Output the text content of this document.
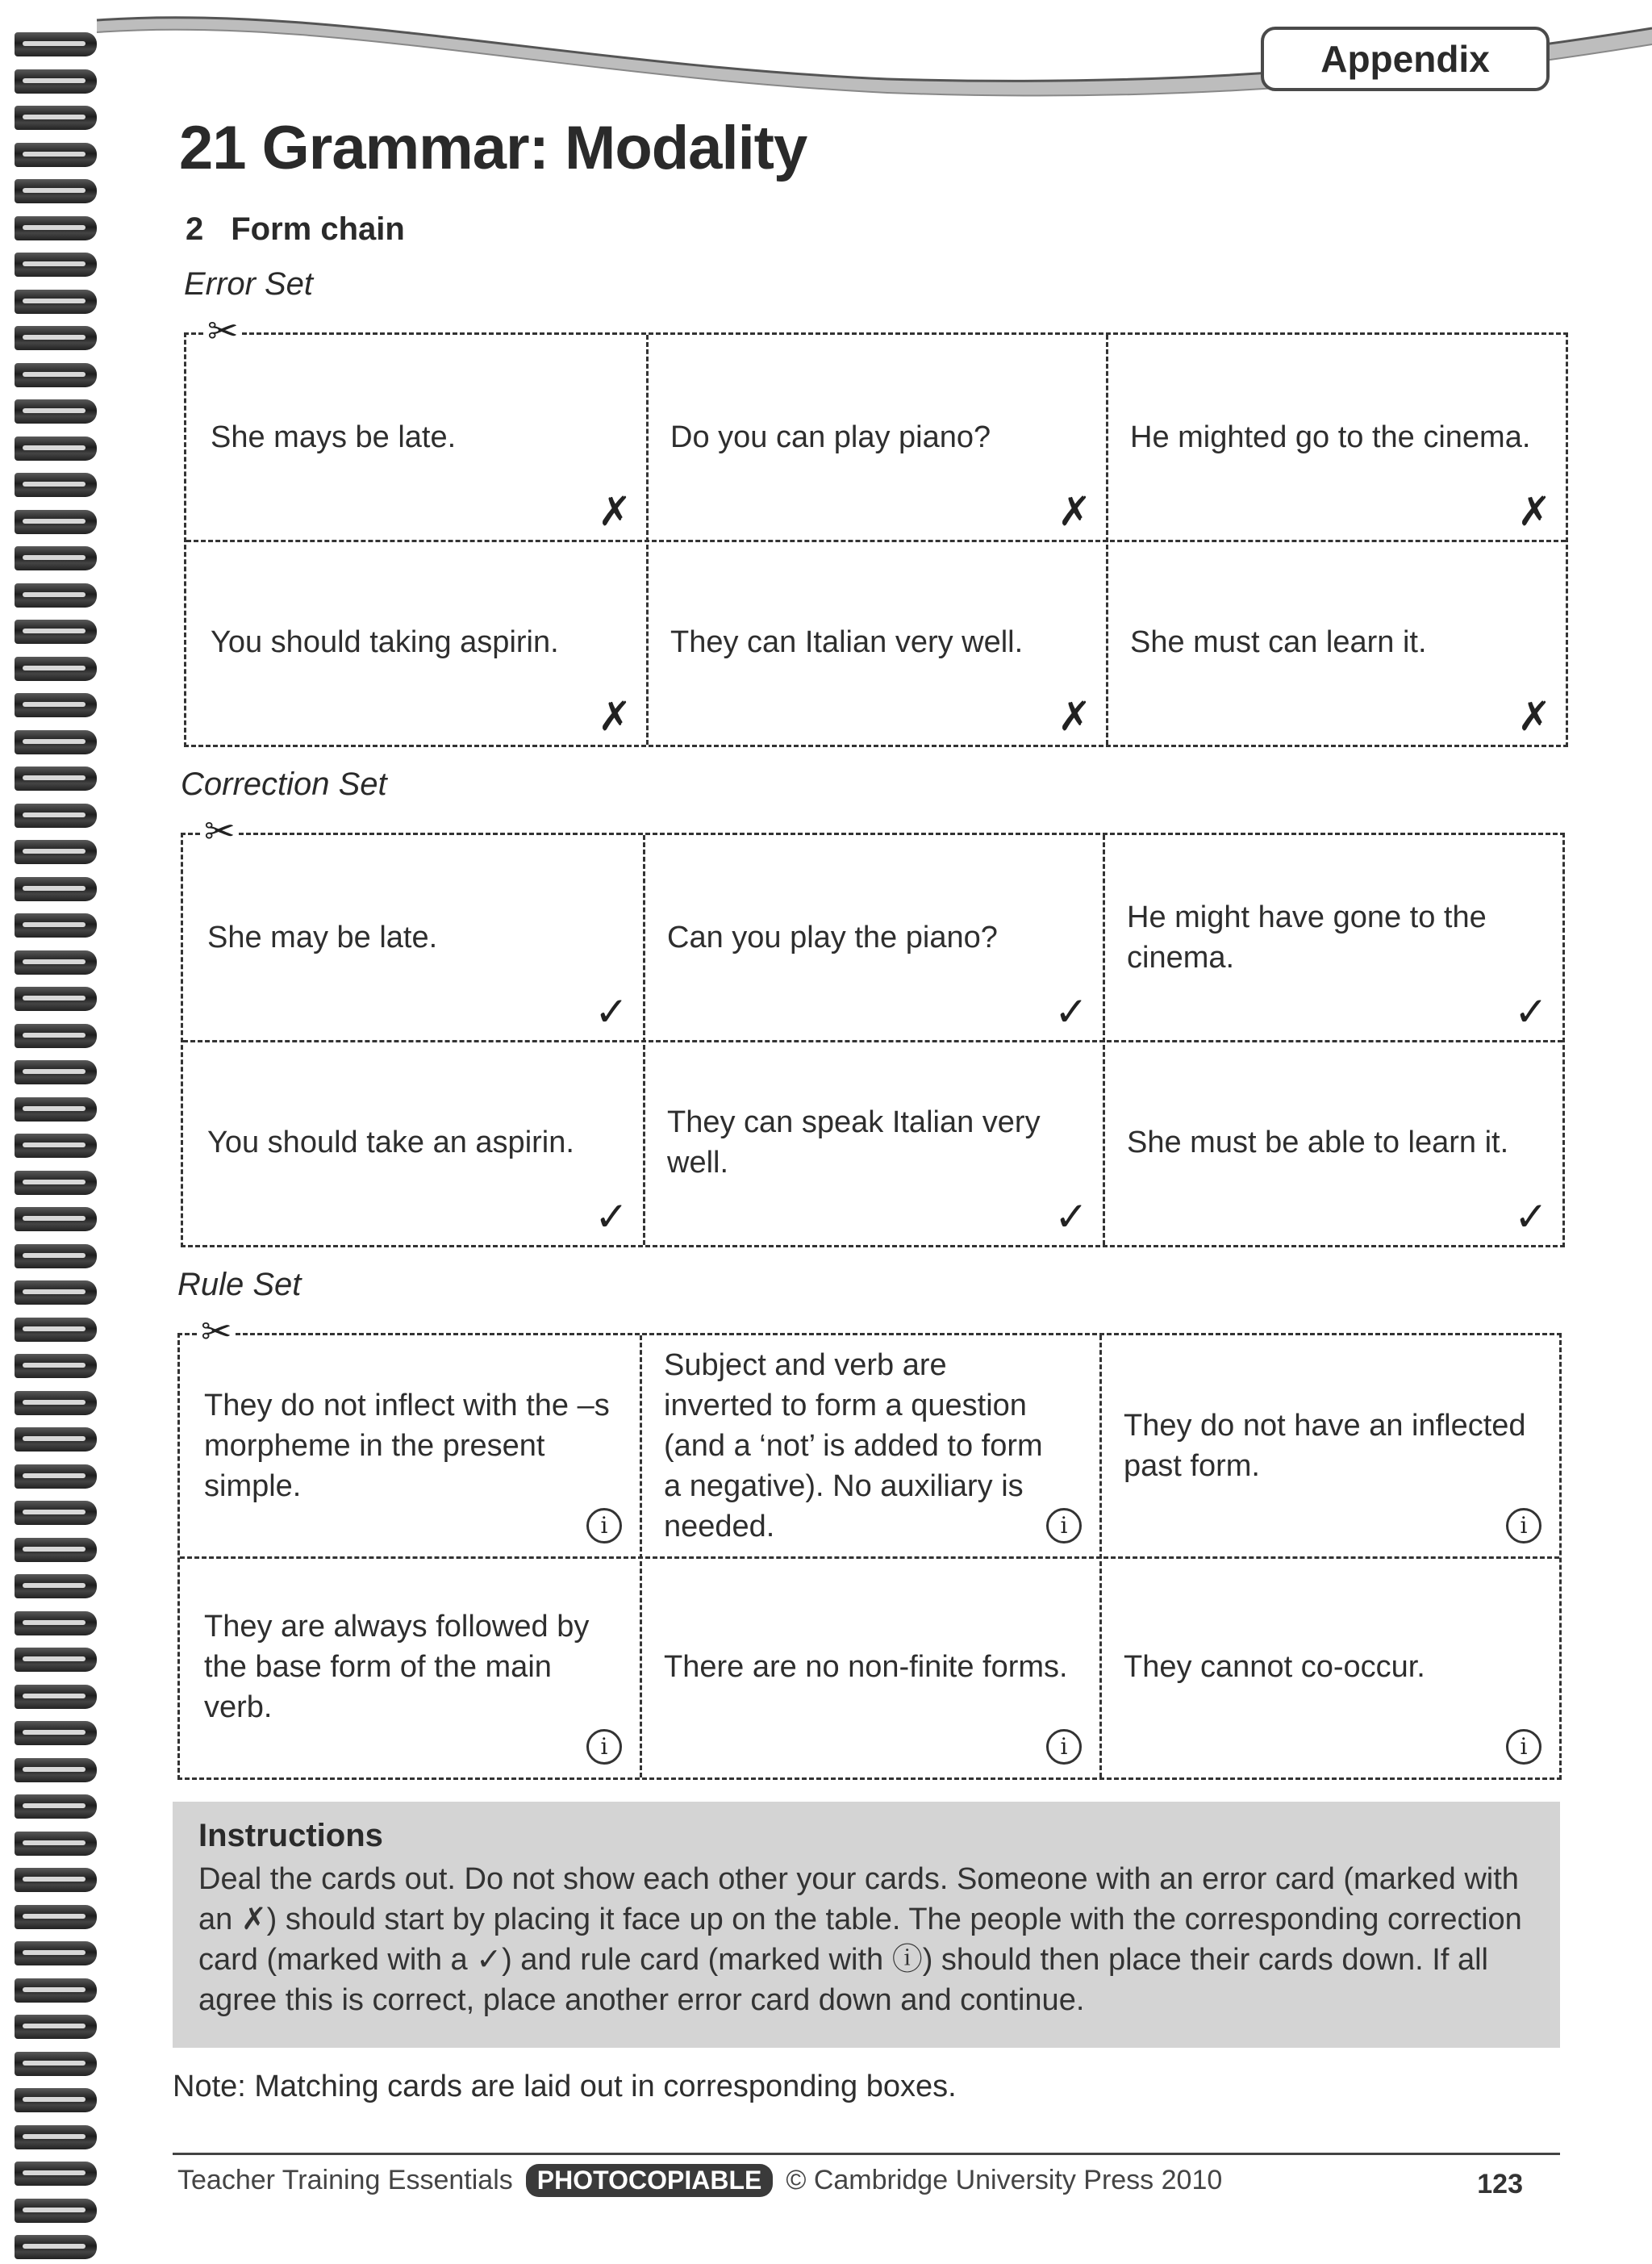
Appendix
21 Grammar: Modality
2 Form chain
Error Set
She mays be late.
✗
Do you can play piano?
✗
He mighted go to the cinema.
✗
You should taking aspirin.
✗
They can Italian very well.
✗
She must can learn it.
✗
✂
Correction Set
She may be late.
✓
Can you play the piano?
✓
He might have gone to the cinema.
✓
You should take an aspirin.
✓
They can speak Italian very well.
✓
She must be able to learn it.
✓
✂
Rule Set
They do not inflect with the –s morpheme in the present simple.
i
Subject and verb are inverted to form a question (and a ‘not’ is added to form a negative). No auxiliary is needed.	i
They do not have an inflected past form.
i
They are always followed by the base form of the main verb.
i
There are no non-finite forms.
i
They cannot co-occur.
i
✂
Instructions

Deal the cards out. Do not show each other your cards. Someone with an error card (marked with an ✗) should start by placing it face up on the table. The people with the corresponding correction card (marked with a ✓) and rule card (marked with ⓘ) should then place their cards down. If all agree this is correct, place another error card down and continue.

Note: Matching cards are laid out in corresponding boxes.
Teacher Training Essentials PHOTOCOPIABLE © Cambridge University Press 2010	123
